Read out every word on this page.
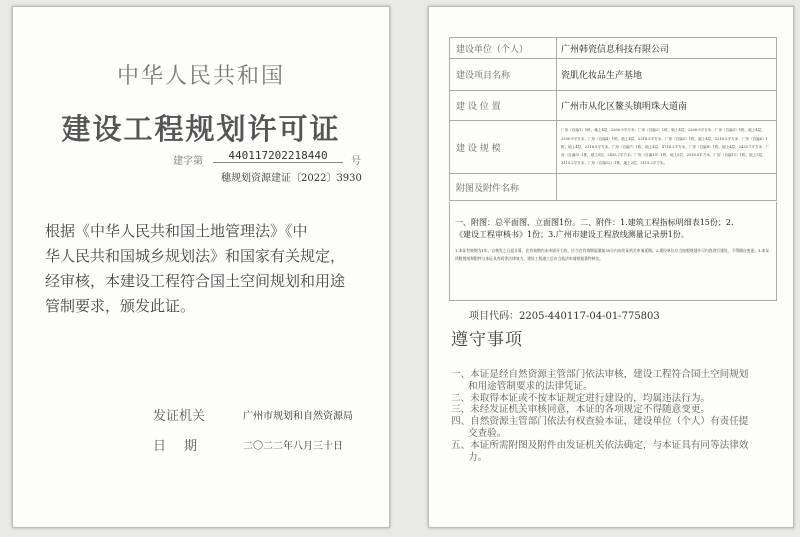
中华人民共和国
建设工程规划许可证
建字第	440117202218440	号
穗规划资源建证〔2022〕3930
根据《中华人民共和国土地管理法》《中
华人民共和国城乡规划法》和国家有关规定，
经审核，本建设工程符合国土空间规划和用途
管制要求，颁发此证。
发证机关	广州市规划和自然资源局
日期	二〇二二年八月三十日
建设单位（个人）	广州韩瓷信息科技有限公司
建设项目名称	瓷肌化妆品生产基地
建 设 位 置	广州市从化区鳌头镇明珠大道南
建 设 规 模	厂房（自编1）1栋，地上4层，2200.9平方米；厂房（自编2）1栋，地上4层，2200.9平方米；厂房（自编3）1栋，地上4层，2200.9平方米；厂房（自编4）1栋，地上4层，2318.5平方米；厂房（自编5）1栋，地上4层，2318.5平方米；厂房（自编6）1栋，地上4层，2318.5平方米；厂房（自编7）1栋，地上4层，4714.2平方米；厂房（自编8）1栋，地上4层，2435.7平方米；厂房（自编9）1栋，地上5层，2435.7平方米；厂房（自编10）1栋，地上5层，2918.5平方米；厂房（自编11）1栋，地上5层，3115.2平方米；厂房（自编12）1栋，地上2层，3115.2平方米。
附图及附件名称	
一、附图：总平面图、立面图1份。二、附件：1.建筑工程指标明细表15份；2.
《建设工程审核书》1份；3.广州市建设工程放线测量记录册1份。
1.本证有效期为1年，自核发之日起计算，在有效期内未申请开工的，应当在有效期届满前30日内向发证机关申请延期。2.建设单位应当按照规划许可内容进行建设，不得擅自变更。3.本证所附图纸和附件与本证具有同等法律效力，建设工程竣工后应当依法申请规划条件核实。
项目代码：2205-440117-04-01-775803
遵守事项
一、本证是经自然资源主管部门依法审核，建设工程符合国土空间规划
和用途管制要求的法律凭证。
二、未取得本证或不按本证规定进行建设的，均属违法行为。
三、未经发证机关审核同意，本证的各项规定不得随意变更。
四、自然资源主管部门依法有权查验本证，建设单位（个人）有责任提
交查验。
五、本证所需附图及附件由发证机关依法确定，与本证具有同等法律效
力。
